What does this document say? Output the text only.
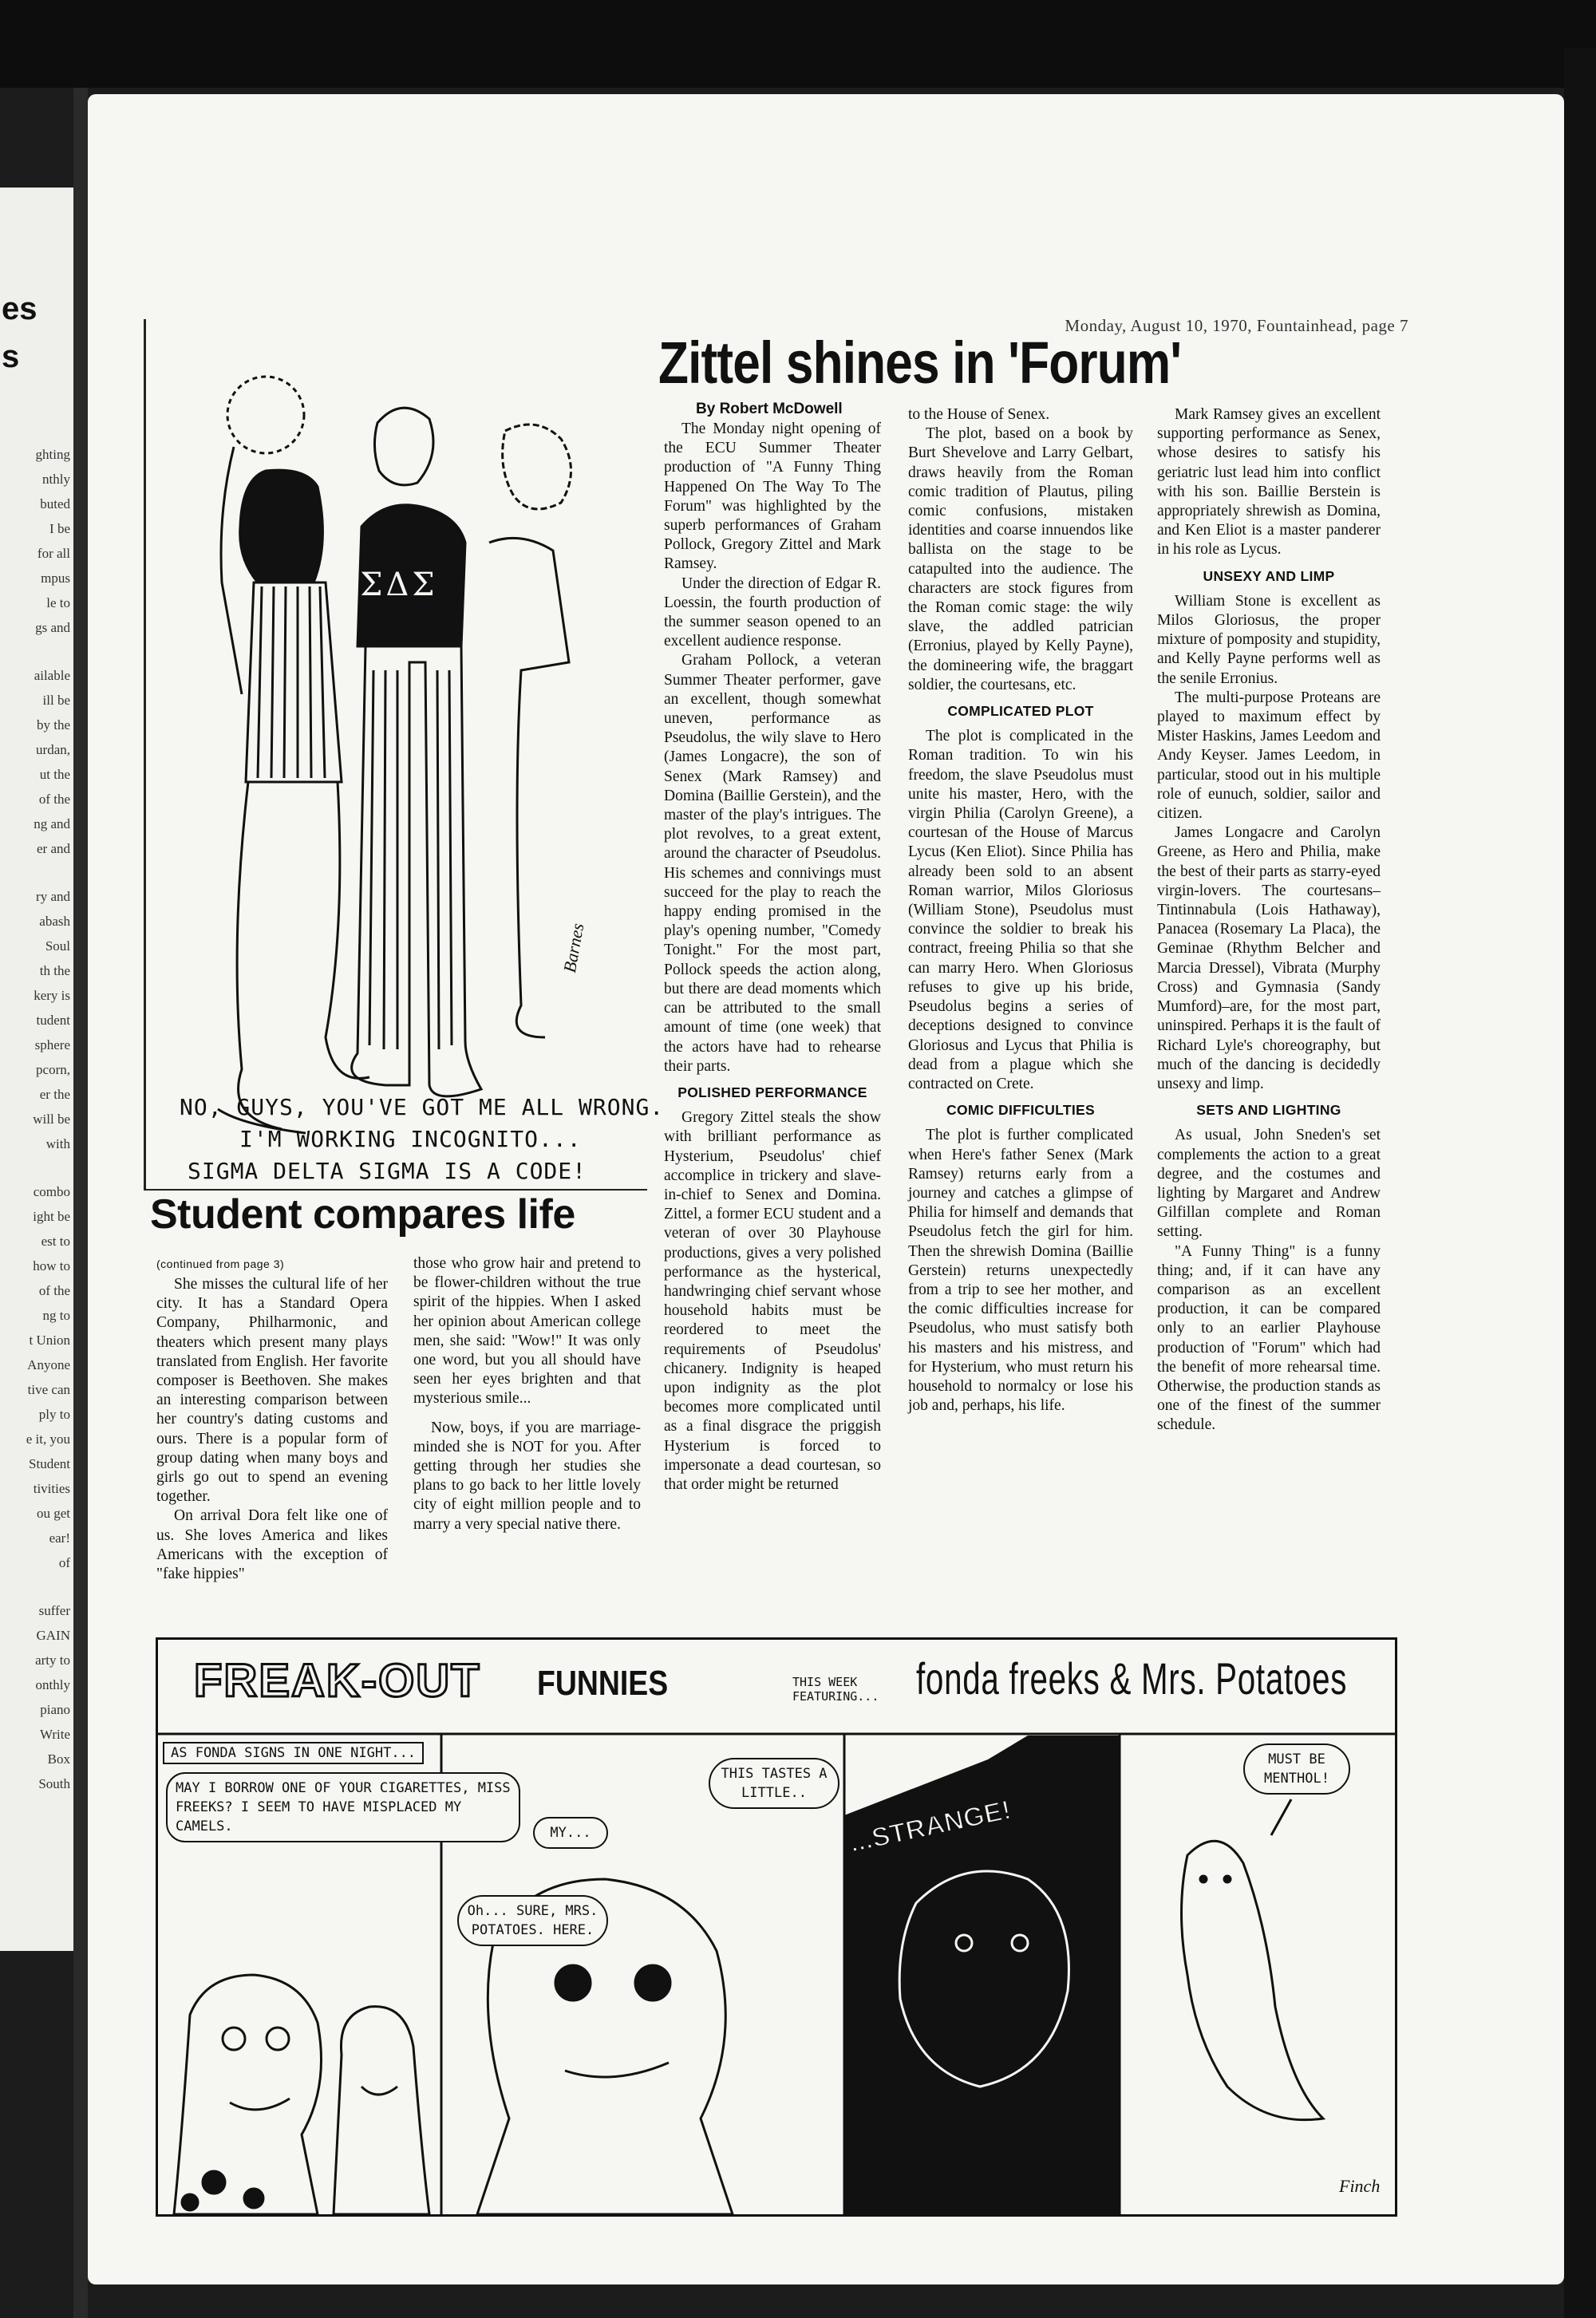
es
s
ghting
nthly
buted
I be
for all
mpus
le to
gs and
ailable
ill be
by the
urdan,
ut the
of the
ng and
er and
ry and
abash
Soul
th the
kery is
tudent
sphere
pcorn,
er the
will be
with
combo
ight be
est to
how to
of the
ng to
t Union
Anyone
tive can
ply to
e it, you
Student
tivities
ou get
ear!
of
suffer
GAIN
arty to
onthly
piano
Write
Box
South
Monday, August 10, 1970, Fountainhead, page 7
Zittel shines in 'Forum'
By Robert McDowell

The Monday night opening of the ECU Summer Theater production of "A Funny Thing Happened On The Way To The Forum" was highlighted by the superb performances of Graham Pollock, Gregory Zittel and Mark Ramsey.

Under the direction of Edgar R. Loessin, the fourth production of the summer season opened to an excellent audience response.

Graham Pollock, a veteran Summer Theater performer, gave an excellent, though somewhat uneven, performance as Pseudolus, the wily slave to Hero (James Longacre), the son of Senex (Mark Ramsey) and Domina (Baillie Gerstein), and the master of the play's intrigues. The plot revolves, to a great extent, around the character of Pseudolus. His schemes and connivings must succeed for the play to reach the happy ending promised in the play's opening number, "Comedy Tonight." For the most part, Pollock speeds the action along, but there are dead moments which can be attributed to the small amount of time (one week) that the actors have had to rehearse their parts.

POLISHED PERFORMANCE

Gregory Zittel steals the show with brilliant performance as Hysterium, Pseudolus' chief accomplice in trickery and slave-in-chief to Senex and Domina. Zittel, a former ECU student and a veteran of over 30 Playhouse productions, gives a very polished performance as the hysterical, handwringing chief servant whose household habits must be reordered to meet the requirements of Pseudolus' chicanery. Indignity is heaped upon indignity as the plot becomes more complicated until as a final disgrace the priggish Hysterium is forced to impersonate a dead courtesan, so that order might be returned

to the House of Senex.

The plot, based on a book by Burt Shevelove and Larry Gelbart, draws heavily from the Roman comic tradition of Plautus, piling comic confusions, mistaken identities and coarse innuendos like ballista on the stage to be catapulted into the audience. The characters are stock figures from the Roman comic stage: the wily slave, the addled patrician (Erronius, played by Kelly Payne), the domineering wife, the braggart soldier, the courtesans, etc.

COMPLICATED PLOT

The plot is complicated in the Roman tradition. To win his freedom, the slave Pseudolus must unite his master, Hero, with the virgin Philia (Carolyn Greene), a courtesan of the House of Marcus Lycus (Ken Eliot). Since Philia has already been sold to an absent Roman warrior, Milos Gloriosus (William Stone), Pseudolus must convince the soldier to break his contract, freeing Philia so that she can marry Hero. When Gloriosus refuses to give up his bride, Pseudolus begins a series of deceptions designed to convince Gloriosus and Lycus that Philia is dead from a plague which she contracted on Crete.

COMIC DIFFICULTIES

The plot is further complicated when Here's father Senex (Mark Ramsey) returns early from a journey and catches a glimpse of Philia for himself and demands that Pseudolus fetch the girl for him. Then the shrewish Domina (Baillie Gerstein) returns unexpectedly from a trip to see her mother, and the comic difficulties increase for Pseudolus, who must satisfy both his masters and his mistress, and for Hysterium, who must return his household to normalcy or lose his job and, perhaps, his life.

Mark Ramsey gives an excellent supporting performance as Senex, whose desires to satisfy his geriatric lust lead him into conflict with his son. Baillie Berstein is appropriately shrewish as Domina, and Ken Eliot is a master panderer in his role as Lycus.

UNSEXY AND LIMP

William Stone is excellent as Milos Gloriosus, the proper mixture of pomposity and stupidity, and Kelly Payne performs well as the senile Erronius.

The multi-purpose Proteans are played to maximum effect by Mister Haskins, James Leedom and Andy Keyser. James Leedom, in particular, stood out in his multiple role of eunuch, soldier, sailor and citizen.

James Longacre and Carolyn Greene, as Hero and Philia, make the best of their parts as starry-eyed virgin-lovers. The courtesans–Tintinnabula (Lois Hathaway), Panacea (Rosemary La Placa), the Geminae (Rhythm Belcher and Marcia Dressel), Vibrata (Murphy Cross) and Gymnasia (Sandy Mumford)–are, for the most part, uninspired. Perhaps it is the fault of Richard Lyle's choreography, but much of the dancing is decidedly unsexy and limp.

SETS AND LIGHTING

As usual, John Sneden's set complements the action to a great degree, and the costumes and lighting by Margaret and Andrew Gilfillan complete and Roman setting.

"A Funny Thing" is a funny thing; and, if it can have any comparison as an excellent production, it can be compared only to an earlier Playhouse production of "Forum" which had the benefit of more rehearsal time. Otherwise, the production stands as one of the finest of the summer schedule.

ΣΔΣ
Barnes
NO, GUYS, YOU'VE GOT ME ALL WRONG.
I'M WORKING INCOGNITO...
SIGMA DELTA SIGMA IS A CODE!
Student compares life
(continued from page 3)

She misses the cultural life of her city. It has a Standard Opera Company, Philharmonic, and theaters which present many plays translated from English. Her favorite composer is Beethoven. She makes an interesting comparison between her country's dating customs and ours. There is a popular form of group dating when many boys and girls go out to spend an evening together.

On arrival Dora felt like one of us. She loves America and likes Americans with the exception of "fake hippies"

those who grow hair and pretend to be flower-children without the true spirit of the hippies. When I asked her opinion about American college men, she said: "Wow!" It was only one word, but you all should have seen her eyes brighten and that mysterious smile...

Now, boys, if you are marriage-minded she is NOT for you. After getting through her studies she plans to go back to her little lovely city of eight million people and to marry a very special native there.

FREAK-OUT FUNNIES	THIS WEEK FEATURING... fonda freeks & Mrs. Potatoes
AS FONDA SIGNS IN ONE NIGHT...
MAY I BORROW ONE OF YOUR CIGARETTES, MISS FREEKS? I SEEM TO HAVE MISPLACED MY CAMELS.
Oh... SURE, MRS. POTATOES. HERE.
MY...
THIS TASTES A LITTLE..
...STRANGE!
MUST BE MENTHOL!
Finch
